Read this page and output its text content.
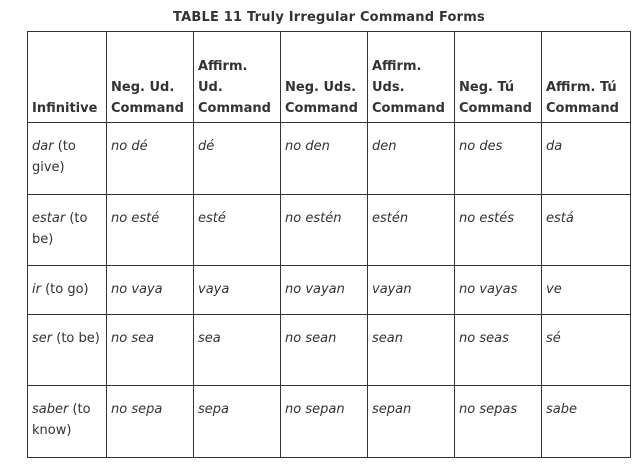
TABLE 11 Truly Irregular Command Forms
Infinitive	Neg. Ud. Command	Affirm. Ud. Command	Neg. Uds. Command	Affirm. Uds. Command	Neg. Tú Command	Affirm. Tú Command
dar (to give)	no dé	dé	no den	den	no des	da
estar (to be)	no esté	esté	no estén	estén	no estés	está
ir (to go)	no vaya	vaya	no vayan	vayan	no vayas	ve
ser (to be)	no sea	sea	no sean	sean	no seas	sé
saber (to know)	no sepa	sepa	no sepan	sepan	no sepas	sabe
